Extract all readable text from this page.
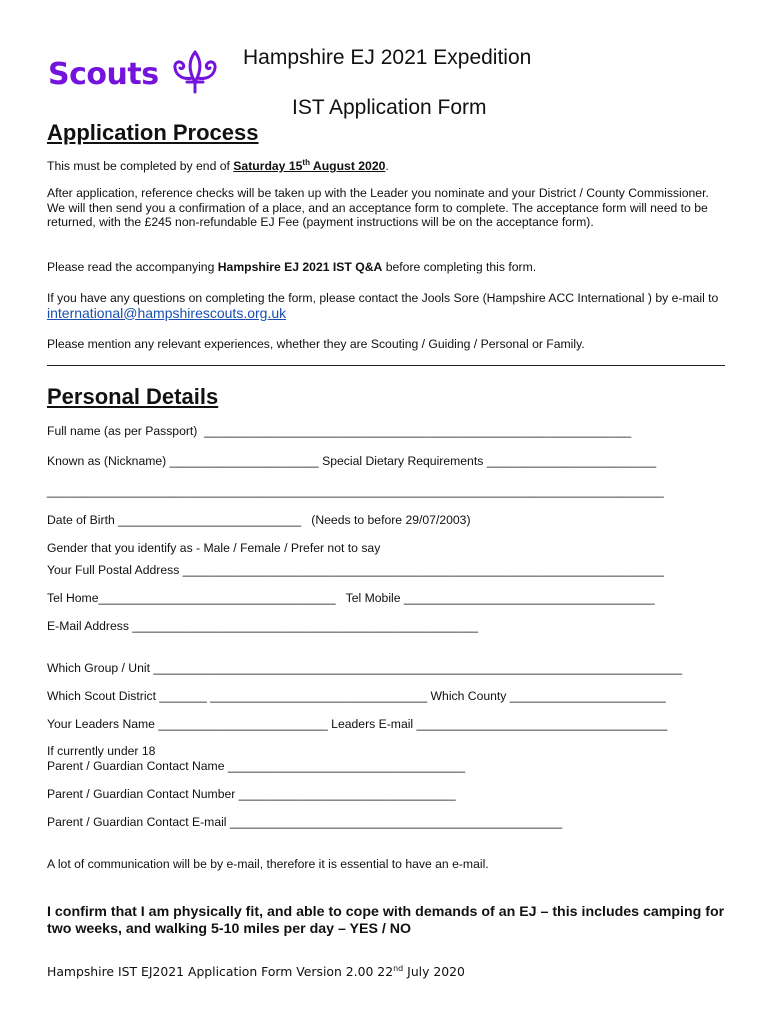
Scouts	Hampshire EJ 2021 Expedition
IST Application Form
Application Process
This must be completed by end of Saturday 15th August 2020.
After application, reference checks will be taken up with the Leader you nominate and your District / County Commissioner. We will then send you a confirmation of a place, and an acceptance form to complete. The acceptance form will need to be returned, with the £245 non-refundable EJ Fee (payment instructions will be on the acceptance form).
Please read the accompanying Hampshire EJ 2021 IST Q&A before completing this form.
If you have any questions on completing the form, please contact the Jools Sore (Hampshire ACC International ) by e-mail to international@hampshirescouts.org.uk
Please mention any relevant experiences, whether they are Scouting / Guiding / Personal or Family.
Personal Details
Full name (as per Passport)  _______________________________________________________________
Known as (Nickname) ______________________ Special Dietary Requirements _________________________
___________________________________________________________________________________________
Date of Birth ___________________________   (Needs to before 29/07/2003)
Gender that you identify as - Male / Female / Prefer not to say
Your Full Postal Address _______________________________________________________________________
Tel Home___________________________________   Tel Mobile _____________________________________
E-Mail Address ___________________________________________________
Which Group / Unit ______________________________________________________________________________
Which Scout District _______ ________________________________ Which County _______________________
Your Leaders Name _________________________ Leaders E-mail _____________________________________
If currently under 18
Parent / Guardian Contact Name ___________________________________
Parent / Guardian Contact Number ________________________________
Parent / Guardian Contact E-mail _________________________________________________
A lot of communication will be by e-mail, therefore it is essential to have an e-mail.
I confirm that I am physically fit, and able to cope with demands of an EJ – this includes camping for two weeks, and walking 5-10 miles per day – YES / NO
Hampshire IST EJ2021 Application Form Version 2.00 22nd July 2020
